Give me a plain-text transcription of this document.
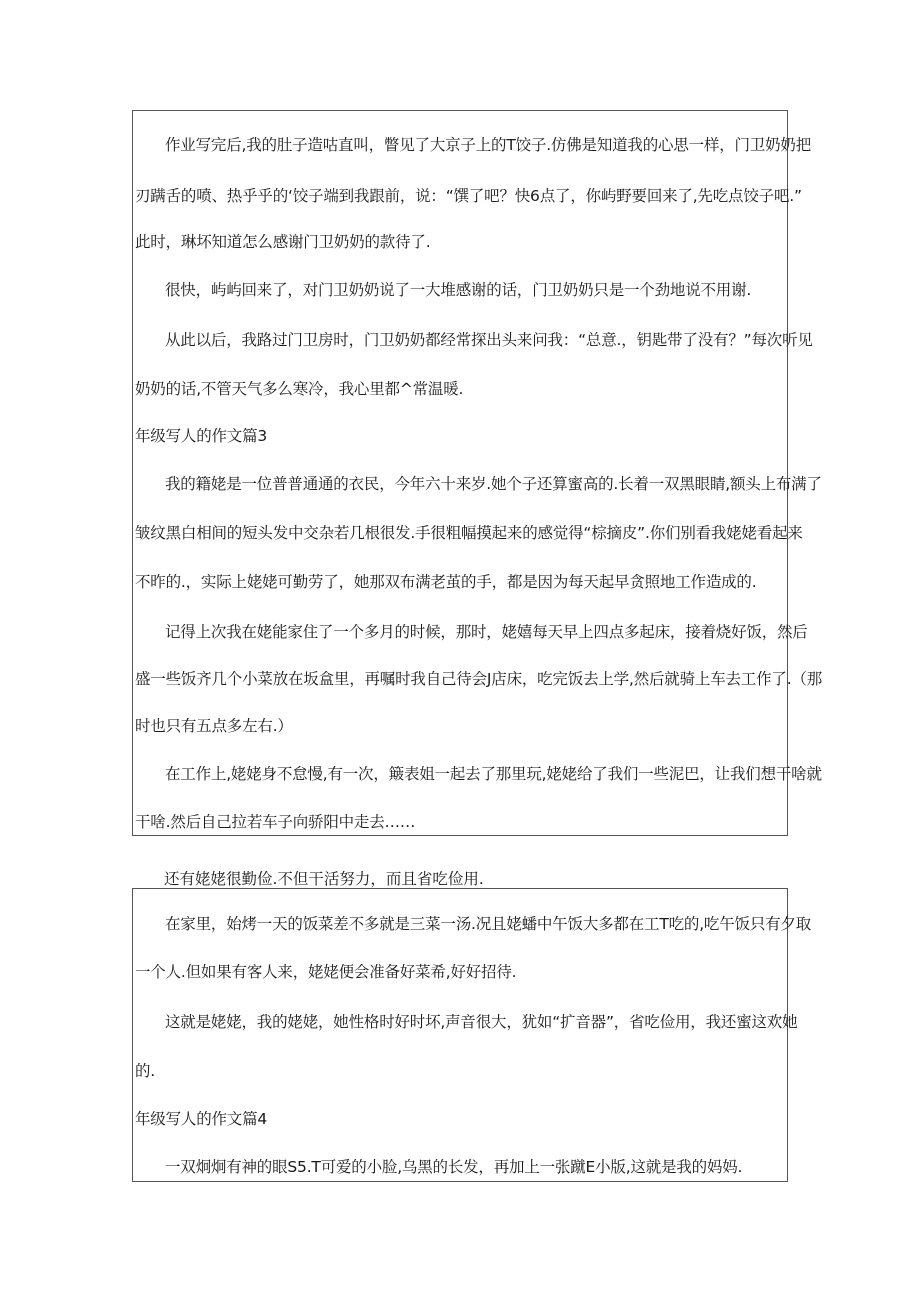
作业写完后,我的肚子造咕直叫，瞥见了大京子上的T饺子.仿佛是知道我的心思一样，门卫奶奶把
刃蹒舌的喷、热乎乎的‘饺子端到我跟前，说：“馔了吧？快6点了，你屿野要回来了,先吃点饺子吧.”
此时，琳坏知道怎么感谢门卫奶奶的款待了.
很快，屿屿回来了，对门卫奶奶说了一大堆感谢的话，门卫奶奶只是一个劲地说不用谢.
从此以后，我路过门卫房时，门卫奶奶都经常探出头来问我：“总意.，钥匙带了没有？”每次听见
奶奶的话,不管天气多么寒冷，我心里都^常温暖.
年级写人的作文篇3
我的籍姥是一位普普通通的衣民，今年六十来岁.她个子还算蜜高的.长着一双黑眼睛,额头上布满了
皱纹黑白相间的短头发中交杂若几根很发.手很粗幅摸起来的感觉得“棕摘皮”.你们别看我姥姥看起来
不昨的.，实际上姥姥可勤劳了，她那双布满老茧的手，都是因为每天起早贪照地工作造成的.
记得上次我在姥能家住了一个多月的时候，那时，姥嬉每天早上四点多起床，接着烧好饭，然后
盛一些饭齐几个小菜放在坂盒里，再嘱时我自己待会J店床，吃完饭去上学,然后就骑上车去工作了.（那
时也只有五点多左右.）
在工作上,姥姥身不怠慢,有一次，簸表姐一起去了那里玩,姥姥给了我们一些泥巴，让我们想干啥就
干啥.然后自己拉若车子向骄阳中走去……
还有姥姥很勤俭.不但干活努力，而且省吃俭用.
在家里，始烤一天的饭菜差不多就是三菜一汤.况且姥蟠中午饭大多都在工T吃的,吃午饭只有夕取
一个人.但如果有客人来，姥姥便会准备好菜希,好好招待.
这就是姥姥，我的姥姥，她性格时好时坏,声音很大，犹如“扩音器”，省吃俭用，我还蜜这欢她
的.
年级写人的作文篇4
一双炯炯有神的眼S5.T可爱的小脸,乌黑的长发，再加上一张蹴E小版,这就是我的妈妈.
